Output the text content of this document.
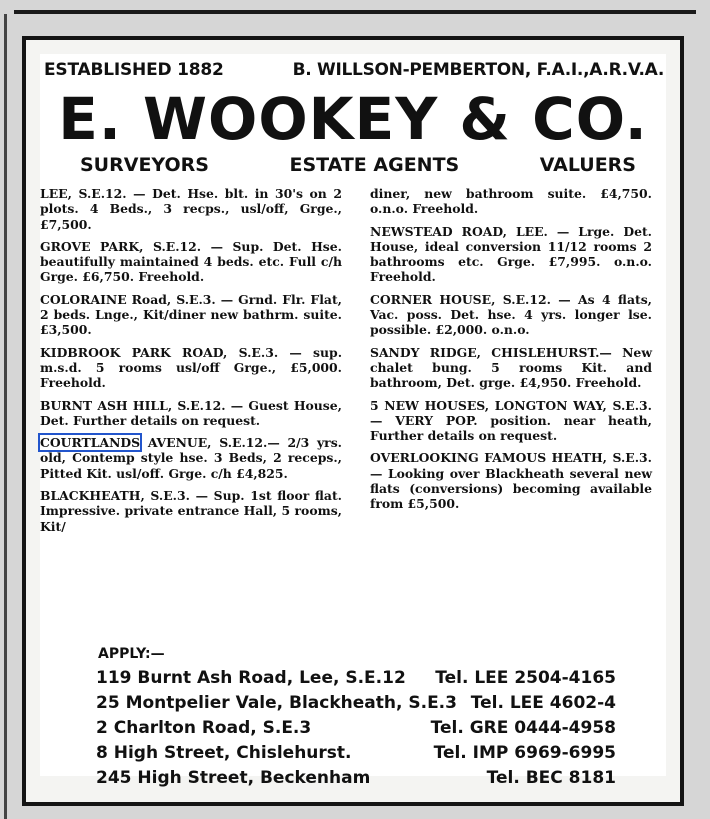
ESTABLISHED 1882	B. WILLSON-PEMBERTON, F.A.I.,A.R.V.A.
E. WOOKEY & CO.
SURVEYORS	ESTATE AGENTS	VALUERS

LEE, S.E.12. — Det. Hse. blt. in 30's on 2 plots. 4 Beds., 3 recps., usl/off, Grge., £7,500.

GROVE PARK, S.E.12. — Sup. Det. Hse. beautifully maintained 4 beds. etc. Full c/h Grge. £6,750. Freehold.

COLORAINE Road, S.E.3. — Grnd. Flr. Flat, 2 beds. Lnge., Kit/diner new bathrm. suite. £3,500.

KIDBROOK PARK ROAD, S.E.3. — sup. m.s.d. 5 rooms usl/off Grge., £5,000. Freehold.

BURNT ASH HILL, S.E.12. — Guest House, Det. Further details on request.

COURTLANDS AVENUE, S.E.12.— 2/3 yrs. old, Contemp style hse. 3 Beds, 2 receps., Pitted Kit. usl/off. Grge. c/h £4,825.

BLACKHEATH, S.E.3. — Sup. 1st floor flat. Impressive. private entrance Hall, 5 rooms, Kit/

diner, new bathroom suite. £4,750. o.n.o. Freehold.

NEWSTEAD ROAD, LEE. — Lrge. Det. House, ideal conversion 11/12 rooms 2 bathrooms etc. Grge. £7,995. o.n.o. Freehold.

CORNER HOUSE, S.E.12. — As 4 flats, Vac. poss. Det. hse. 4 yrs. longer lse. possible. £2,000. o.n.o.

SANDY RIDGE, CHISLEHURST.— New chalet bung. 5 rooms Kit. and bathroom, Det. grge. £4,950. Freehold.

5 NEW HOUSES, LONGTON WAY, S.E.3. — VERY POP. position. near heath, Further details on request.

OVERLOOKING FAMOUS HEATH, S.E.3. — Looking over Blackheath several new flats (conversions) becoming available from £5,500.

APPLY:—
119 Burnt Ash Road, Lee, S.E.12 Tel. LEE 2504-4165
25 Montpelier Vale, Blackheath, S.E.3 Tel. LEE 4602-4
2 Charlton Road, S.E.3	Tel. GRE 0444-4958
8 High Street, Chislehurst.	Tel. IMP 6969-6995
245 High Street, Beckenham	Tel. BEC 8181
